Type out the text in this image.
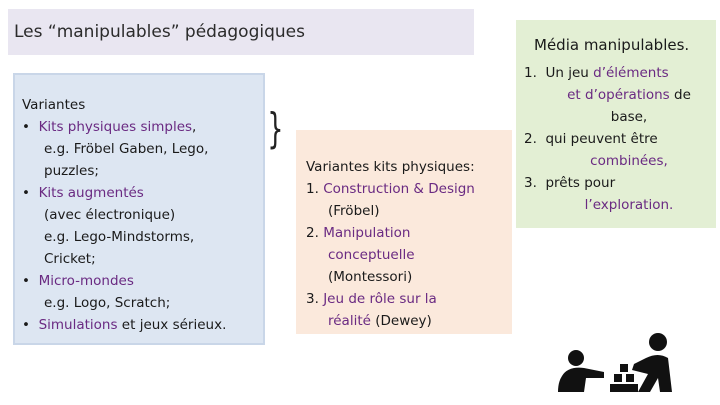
Les “manipulables” pédagogiques
Variantes
• Kits physiques simples,
e.g. Fröbel Gaben, Lego,
puzzles;
• Kits augmentés
(avec électronique)
e.g. Lego-Mindstorms,
Cricket;
• Micro-mondes
e.g. Logo, Scratch;
• Simulations et jeux sérieux.
}
Variantes kits physiques:
1. Construction & Design
(Fröbel)
2. Manipulation
conceptuelle
(Montessori)
3. Jeu de rôle sur la
réalité (Dewey)
Média manipulables.
1. Un jeu d’éléments
et d’opérations de
base,
2. qui peuvent être
combinées,
3. prêts pour
l’exploration.
